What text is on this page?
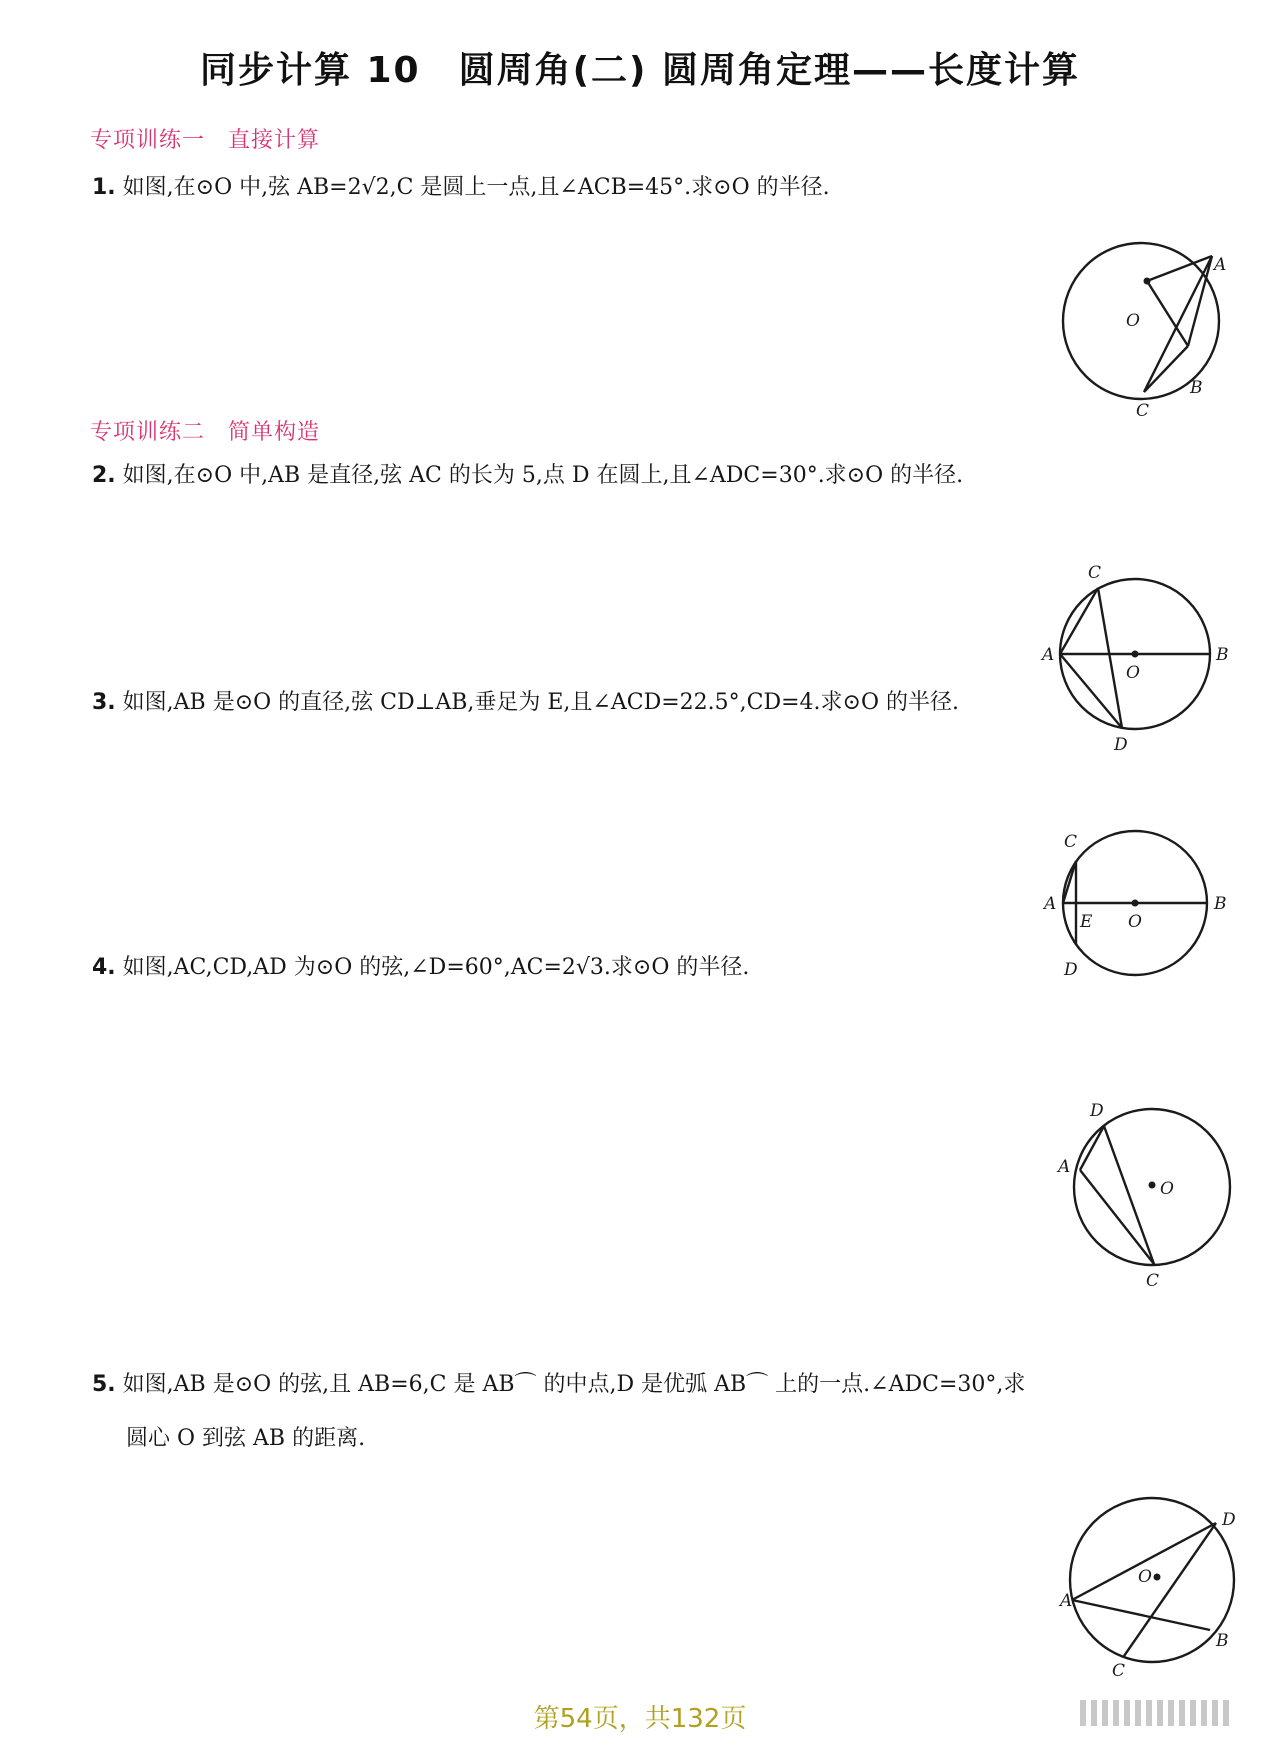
同步计算 10　圆周角(二) 圆周角定理——长度计算
专项训练一　直接计算
1. 如图,在⊙O 中,弦 AB=2√2,C 是圆上一点,且∠ACB=45°.求⊙O 的半径.
A
O
B
C
专项训练二　简单构造
2. 如图,在⊙O 中,AB 是直径,弦 AC 的长为 5,点 D 在圆上,且∠ADC=30°.求⊙O 的半径.
C
A
O
B
D
3. 如图,AB 是⊙O 的直径,弦 CD⊥AB,垂足为 E,且∠ACD=22.5°,CD=4.求⊙O 的半径.
C
A
E O
B
D
4. 如图,AC,CD,AD 为⊙O 的弦,∠D=60°,AC=2√3.求⊙O 的半径.
D
A
O
C
5. 如图,AB 是⊙O 的弦,且 AB=6,C 是 AB⌒ 的中点,D 是优弧 AB⌒ 上的一点.∠ADC=30°,求
圆心 O 到弦 AB 的距离.
D
A
O
B
C
第54页，共132页
